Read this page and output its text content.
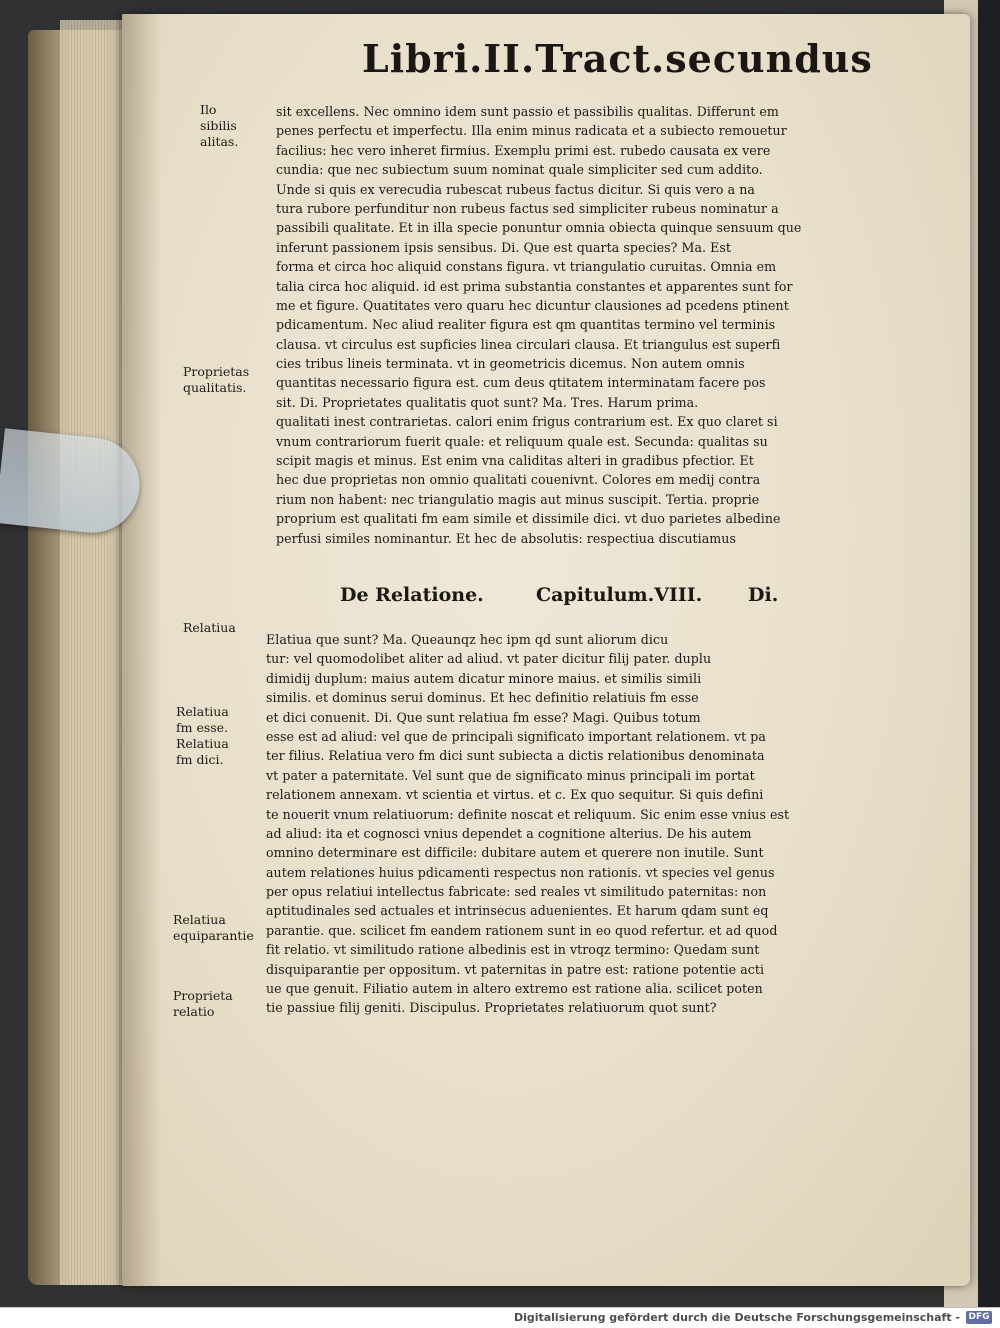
Libri.II.Tract.secundus
Ilo
sibilis
alitas.
Proprietas
qualitatis.
Relatiua
Relatiua
fm esse.
Relatiua
fm dici.
Relatiua
equiparantie
Proprieta
relatio
sit excellens. Nec omnino idem sunt passio et passibilis qualitas. Differunt em
penes perfectu et imperfectu. Illa enim minus radicata et a subiecto remouetur
facilius: hec vero inheret firmius. Exemplu primi est. rubedo causata ex vere
cundia: que nec subiectum suum nominat quale simpliciter sed cum addito.
Unde si quis ex verecudia rubescat rubeus factus dicitur. Si quis vero a na
tura rubore perfunditur non rubeus factus sed simpliciter rubeus nominatur a
passibili qualitate. Et in illa specie ponuntur omnia obiecta quinque sensuum que
inferunt passionem ipsis sensibus. Di. Que est quarta species? Ma. Est
forma et circa hoc aliquid constans figura. vt triangulatio curuitas. Omnia em
talia circa hoc aliquid. id est prima substantia constantes et apparentes sunt for
me et figure. Quatitates vero quaru hec dicuntur clausiones ad pcedens ptinent
pdicamentum. Nec aliud realiter figura est qm quantitas termino vel terminis
clausa. vt circulus est supficies linea circulari clausa. Et triangulus est superfi
cies tribus lineis terminata. vt in geometricis dicemus. Non autem omnis
quantitas necessario figura est. cum deus qtitatem interminatam facere pos
sit. Di. Proprietates qualitatis quot sunt? Ma. Tres. Harum prima.
qualitati inest contrarietas. calori enim frigus contrarium est. Ex quo claret si
vnum contrariorum fuerit quale: et reliquum quale est. Secunda: qualitas su
scipit magis et minus. Est enim vna caliditas alteri in gradibus pfectior. Et
hec due proprietas non omnio qualitati couenivnt. Colores em medij contra
rium non habent: nec triangulatio magis aut minus suscipit. Tertia. proprie
proprium est qualitati fm eam simile et dissimile dici. vt duo parietes albedine
perfusi similes nominantur. Et hec de absolutis: respectiua discutiamus
De Relatione.	Capitulum.VIII. Di.
Elatiua que sunt? Ma. Queaunqz hec ipm qd sunt aliorum dicu
tur: vel quomodolibet aliter ad aliud. vt pater dicitur filij pater. duplu
dimidij duplum: maius autem dicatur minore maius. et similis simili
similis. et dominus serui dominus. Et hec definitio relatiuis fm esse
et dici conuenit. Di. Que sunt relatiua fm esse? Magi. Quibus totum
esse est ad aliud: vel que de principali significato important relationem. vt pa
ter filius. Relatiua vero fm dici sunt subiecta a dictis relationibus denominata
vt pater a paternitate. Vel sunt que de significato minus principali im portat
relationem annexam. vt scientia et virtus. et c. Ex quo sequitur. Si quis defini
te nouerit vnum relatiuorum: definite noscat et reliquum. Sic enim esse vnius est
ad aliud: ita et cognosci vnius dependet a cognitione alterius. De his autem
omnino determinare est difficile: dubitare autem et querere non inutile. Sunt
autem relationes huius pdicamenti respectus non rationis. vt species vel genus
per opus relatiui intellectus fabricate: sed reales vt similitudo paternitas: non
aptitudinales sed actuales et intrinsecus aduenientes. Et harum qdam sunt eq
parantie. que. scilicet fm eandem rationem sunt in eo quod refertur. et ad quod
fit relatio. vt similitudo ratione albedinis est in vtroqz termino: Quedam sunt
disquiparantie per oppositum. vt paternitas in patre est: ratione potentie acti
ue que genuit. Filiatio autem in altero extremo est ratione alia. scilicet poten
tie passiue filij geniti. Discipulus. Proprietates relatiuorum quot sunt?
Digitalisierung gefördert durch die Deutsche Forschungsgemeinschaft - DFG
